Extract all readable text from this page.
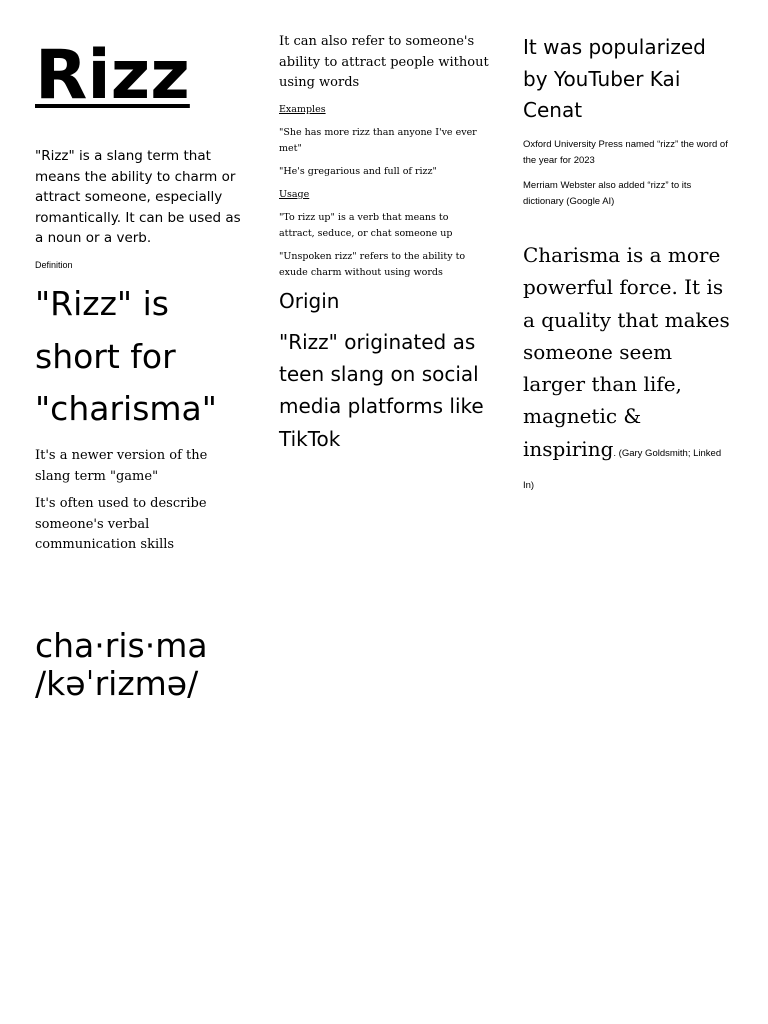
Rizz

"Rizz" is a slang term that means the ability to charm or attract someone, especially romantically. It can be used as a noun or a verb.

Definition

"Rizz" is short for "charisma"

It's a newer version of the slang term "game"

It's often used to describe someone's verbal communication skills

cha·ris·ma
/kəˈrizmə/

It can also refer to someone's ability to attract people without using words

Examples

"She has more rizz than anyone I've ever met"

"He's gregarious and full of rizz"

Usage

"To rizz up" is a verb that means to attract, seduce, or chat someone up

"Unspoken rizz" refers to the ability to exude charm without using words

Origin

"Rizz" originated as teen slang on social media platforms like TikTok

It was popularized by YouTuber Kai Cenat

Oxford University Press named “rizz” the word of the year for 2023

Merriam Webster also added “rizz” to its dictionary (Google AI)

Charisma is a more powerful force. It is a quality that makes someone seem larger than life, magnetic & inspiring. (Gary Goldsmith; Linked In)
